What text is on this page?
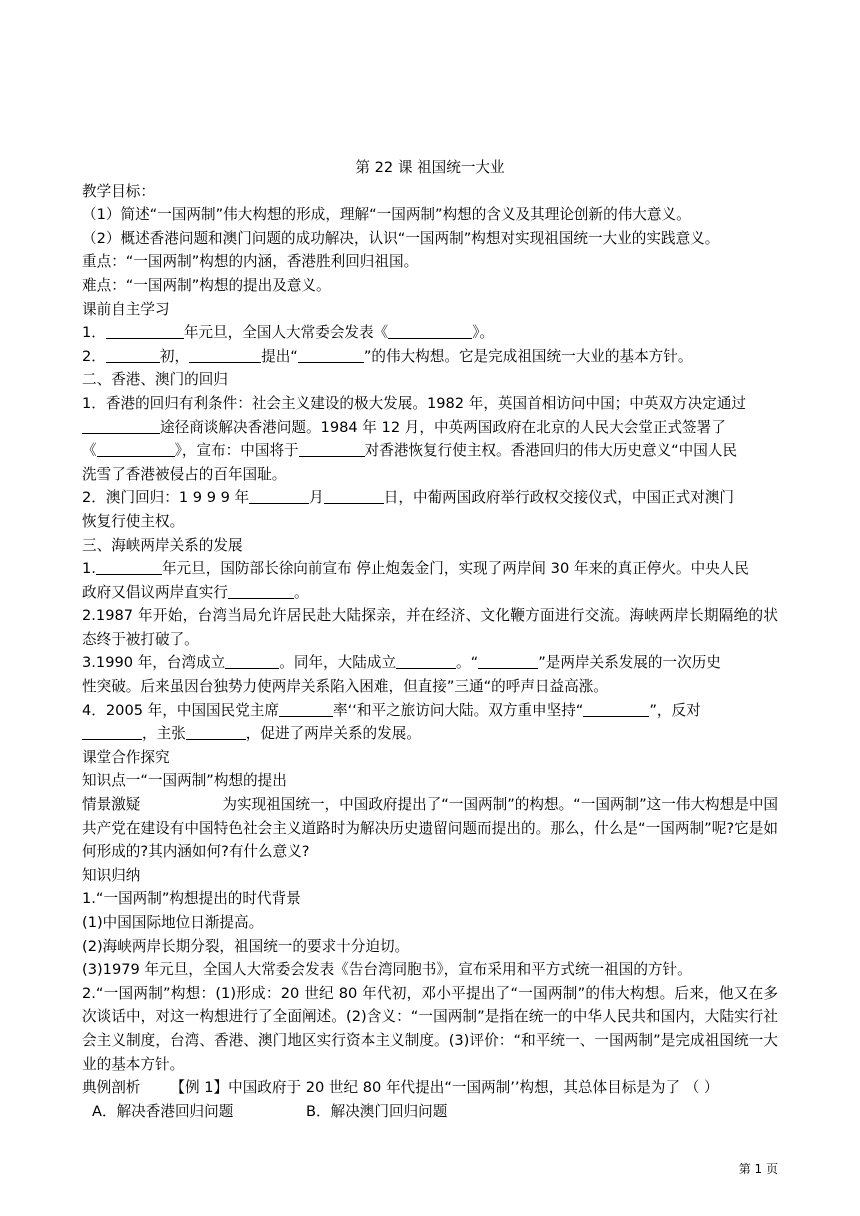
第 22 课 祖国统一大业
教学目标：
（1）简述“一国两制”伟大构想的形成，理解“一国两制”构想的含义及其理论创新的伟大意义。
（2）概述香港问题和澳门问题的成功解决，认识“一国两制”构想对实现祖国统一大业的实践意义。
重点：“一国两制”构想的内涵，香港胜利回归祖国。
难点：“一国两制”构想的提出及意义。
课前自主学习
1．	年元旦，全国人大常委会发表《	》。
2．	初，	提出“	”的伟大构想。它是完成祖国统一大业的基本方针。
二、香港、澳门的回归
1．香港的回归有利条件：社会主义建设的极大发展。1982 年，英国首相访问中国；中英双方决定通过
途径商谈解决香港问题。1984 年 12 月，中英两国政府在北京的人民大会堂正式签署了
《	》，宣布：中国将于	对香港恢复行使主权。香港回归的伟大历史意义“中国人民
洗雪了香港被侵占的百年国耻。
2．澳门回归：1 9 9 9 年	月	日，中葡两国政府举行政权交接仪式，中国正式对澳门
恢复行使主权。
三、海峡两岸关系的发展
1.	年元旦，国防部长徐向前宣布 停止炮轰金门，实现了两岸间 30 年来的真正停火。中央人民
政府又倡议两岸直实行	。
2.1987 年开始，台湾当局允许居民赴大陆探亲，并在经济、文化鞭方面进行交流。海峡两岸长期隔绝的状态终于被打破了。
3.1990 年，台湾成立	。同年，大陆成立	。“	”是两岸关系发展的一次历史
性突破。后来虽因台独势力使两岸关系陷入困难，但直接”三通“的呼声日益高涨。
4．2005 年，中国国民党主席	率‘‘和平之旅访问大陆。双方重申坚持“	”，反对
，主张	，促进了两岸关系的发展。
课堂合作探究
知识点一“一国两制”构想的提出
情景激疑	为实现祖国统一，中国政府提出了“一国两制”的构想。“一国两制”这一伟大构想是中国共产党在建设有中国特色社会主义道路时为解决历史遗留问题而提出的。那么，什么是“一国两制”呢?它是如何形成的?其内涵如何?有什么意义?
知识归纳
1.“一国两制”构想提出的时代背景
(1)中国国际地位日渐提高。
(2)海峡两岸长期分裂，祖国统一的要求十分迫切。
(3)1979 年元旦，全国人大常委会发表《告台湾同胞书》，宣布采用和平方式统一祖国的方针。
2.“一国两制”构想：(1)形成：20 世纪 80 年代初，邓小平提出了“一国两制”的伟大构想。后来，他又在多次谈话中，对这一构想进行了全面阐述。(2)含义：“一国两制”是指在统一的中华人民共和国内，大陆实行社会主义制度，台湾、香港、澳门地区实行资本主义制度。(3)评价：“和平统一、一国两制”是完成祖国统一大业的基本方针。
典例剖析 【例 1】中国政府于 20 世纪 80 年代提出“一国两制’’构想，其总体目标是为了 （ ）
A．解决香港回归问题	B．解决澳门回归问题
第 1 页
